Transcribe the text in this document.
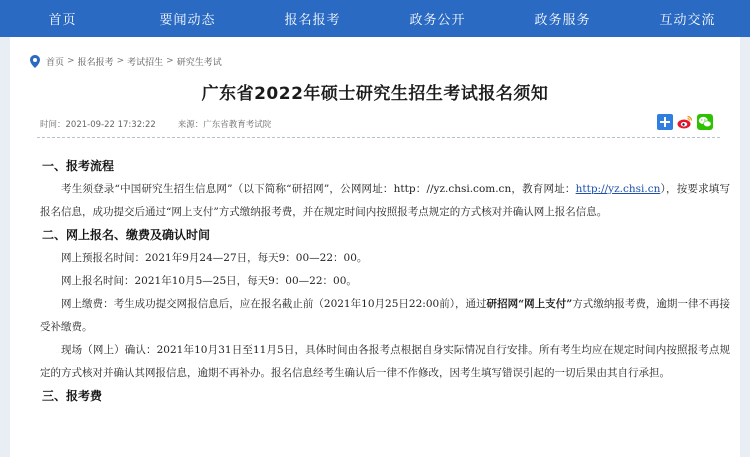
首页	要闻动态	报名报考	政务公开	政务服务	互动交流
首页 > 报名报考 > 考试招生 > 研究生考试
广东省2022年硕士研究生招生考试报名须知
时间：2021-09-22 17:32:22	来源：广东省教育考试院
一、报考流程

考生须登录“中国研究生招生信息网”（以下简称“研招网”，公网网址：http：//yz.chsi.com.cn，教育网址：http://yz.chsi.cn），按要求填写报名信息，成功提交后通过“网上支付”方式缴纳报考费，并在规定时间内按照报考点规定的方式核对并确认网上报名信息。

二、网上报名、缴费及确认时间

网上预报名时间：2021年9月24—27日，每天9：00—22：00。

网上报名时间：2021年10月5—25日，每天9：00—22：00。

网上缴费：考生成功提交网报信息后，应在报名截止前（2021年10月25日22:00前），通过研招网“网上支付”方式缴纳报考费，逾期一律不再接受补缴费。

现场（网上）确认：2021年10月31日至11月5日，具体时间由各报考点根据自身实际情况自行安排。所有考生均应在规定时间内按照报考点规定的方式核对并确认其网报信息，逾期不再补办。报名信息经考生确认后一律不作修改，因考生填写错误引起的一切后果由其自行承担。

三、报考费
